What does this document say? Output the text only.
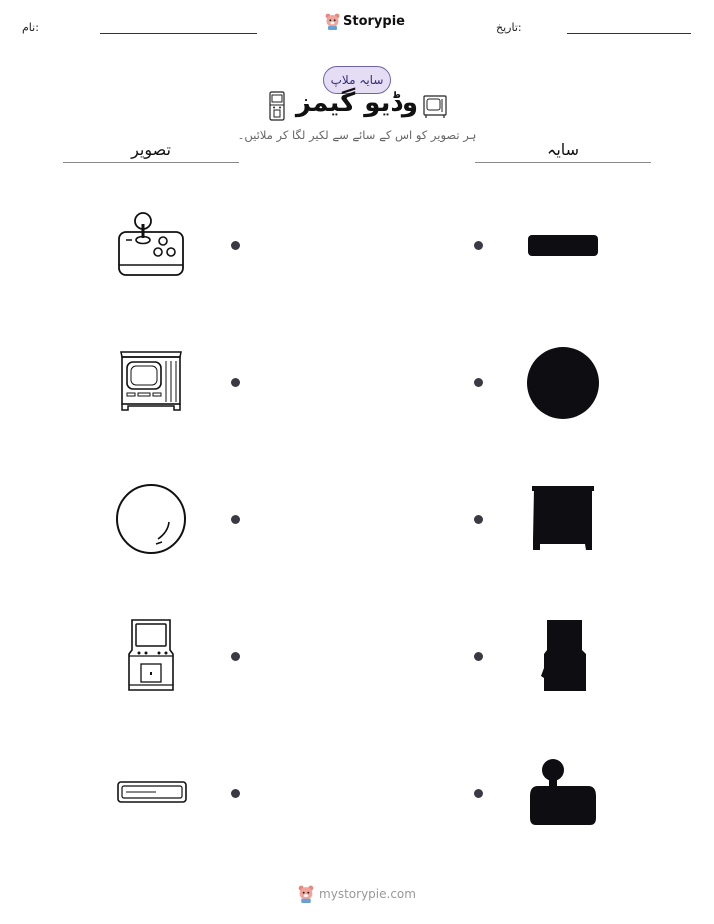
نام:	Storypie	تاریخ:
سایہ ملاپ
وڈیو گیمز
ہر تصویر کو اس کے سائے سے لکیر لگا کر ملائیں۔
تصویر	سایہ
mystorypie.com
